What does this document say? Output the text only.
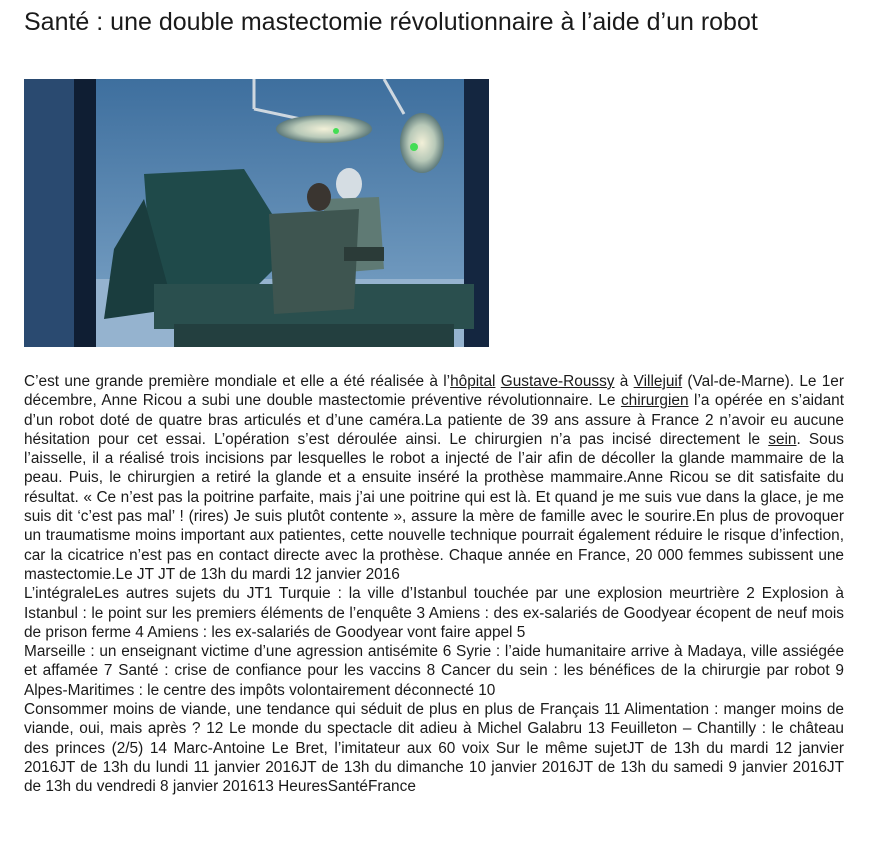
Santé : une double mastectomie révolutionnaire à l’aide d’un robot

C’est une grande première mondiale et elle a été réalisée à l’hôpital Gustave-Roussy à Villejuif (Val-de-Marne). Le 1er décembre, Anne Ricou a subi une double mastectomie préventive révolutionnaire. Le chirurgien l’a opérée en s’aidant d’un robot doté de quatre bras articulés et d’une caméra.La patiente de 39 ans assure à France 2 n’avoir eu aucune hésitation pour cet essai. L’opération s’est déroulée ainsi. Le chirurgien n’a pas incisé directement le sein. Sous l’aisselle, il a réalisé trois incisions par lesquelles le robot a injecté de l’air afin de décoller la glande mammaire de la peau. Puis, le chirurgien a retiré la glande et a ensuite inséré la prothèse mammaire.Anne Ricou se dit satisfaite du résultat. « Ce n’est pas la poitrine parfaite, mais j’ai une poitrine qui est là. Et quand je me suis vue dans la glace, je me suis dit ‘c’est pas mal’ ! (rires) Je suis plutôt contente », assure la mère de famille avec le sourire.En plus de provoquer un traumatisme moins important aux patientes, cette nouvelle technique pourrait également réduire le risque d’infection, car la cicatrice n’est pas en contact directe avec la prothèse. Chaque année en France, 20 000 femmes subissent une mastectomie.Le JT JT de 13h du mardi 12 janvier 2016

L’intégraleLes autres sujets du JT1 Turquie : la ville d’Istanbul touchée par une explosion meurtrière 2 Explosion à Istanbul : le point sur les premiers éléments de l’enquête 3 Amiens : des ex-salariés de Goodyear écopent de neuf mois de prison ferme 4 Amiens : les ex-salariés de Goodyear vont faire appel 5

Marseille : un enseignant victime d’une agression antisémite 6 Syrie : l’aide humanitaire arrive à Madaya, ville assiégée et affamée 7 Santé : crise de confiance pour les vaccins 8 Cancer du sein : les bénéfices de la chirurgie par robot 9 Alpes-Maritimes : le centre des impôts volontairement déconnecté 10

Consommer moins de viande, une tendance qui séduit de plus en plus de Français 11 Alimentation : manger moins de viande, oui, mais après ? 12 Le monde du spectacle dit adieu à Michel Galabru 13 Feuilleton – Chantilly : le château des princes (2/5) 14 Marc-Antoine Le Bret, l’imitateur aux 60 voix Sur le même sujetJT de 13h du mardi 12 janvier 2016JT de 13h du lundi 11 janvier 2016JT de 13h du dimanche 10 janvier 2016JT de 13h du samedi 9 janvier 2016JT de 13h du vendredi 8 janvier 201613 HeuresSantéFrance
